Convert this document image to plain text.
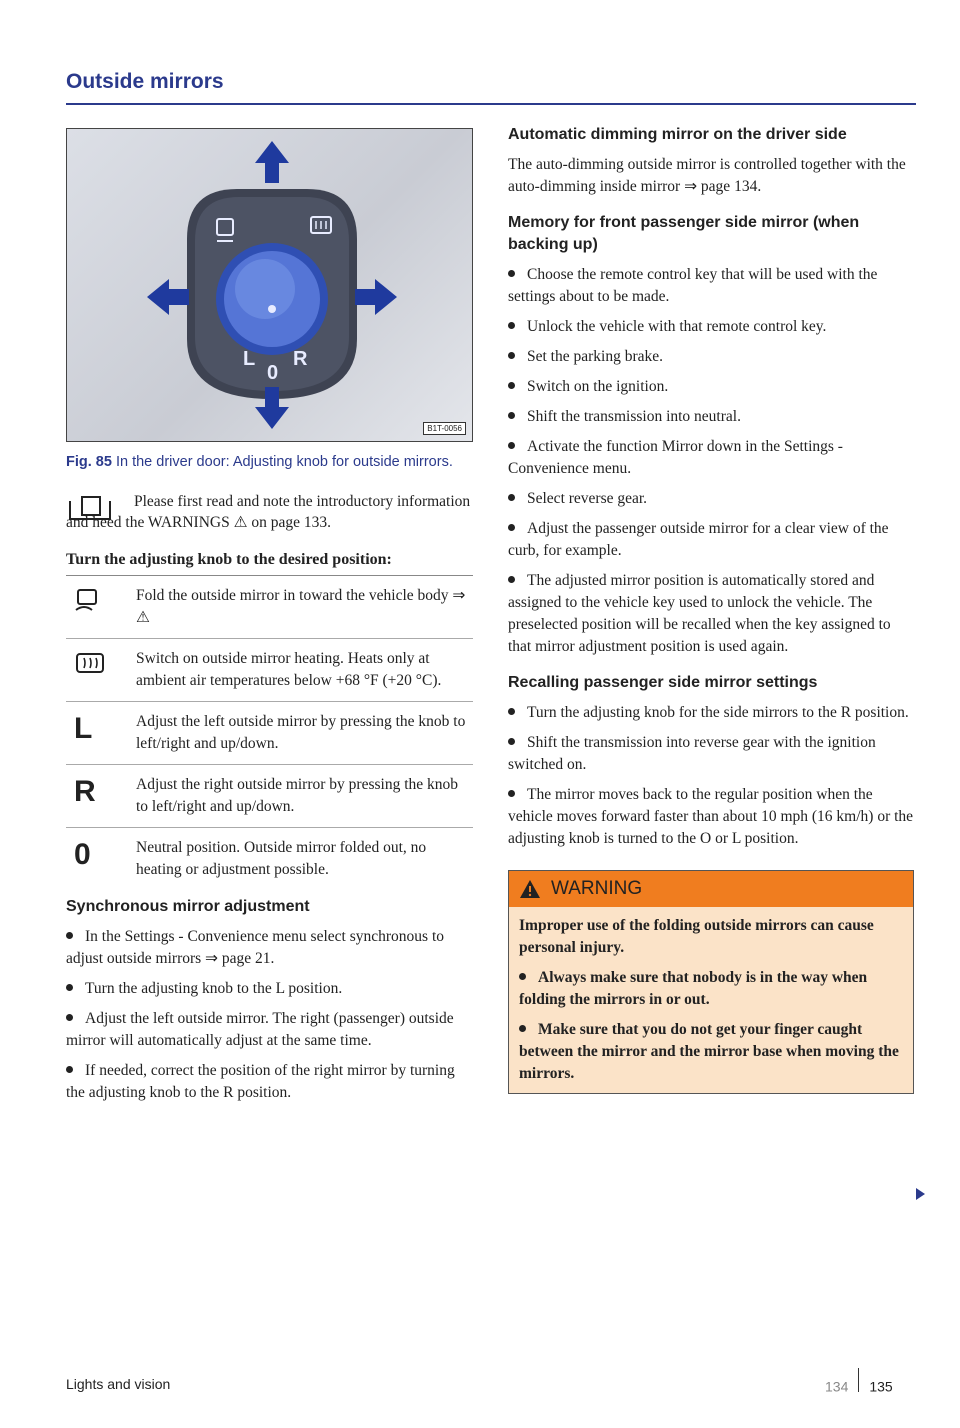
Outside mirrors
L
0
R
B1T-0056
Fig. 85 In the driver door: Adjusting knob for outside mirrors.

Please first read and note the introductory information and heed the WARNINGS ⚠ on page 133.

Turn the adjusting knob to the desired position:
Fold the outside mirror in toward the vehicle body ⇒ ⚠
Switch on outside mirror heating. Heats only at ambient air temperatures below +68 °F (+20 °C).
L	Adjust the left outside mirror by pressing the knob to left/right and up/down.
R	Adjust the right outside mirror by pressing the knob to left/right and up/down.
0	Neutral position. Outside mirror folded out, no heating or adjustment possible.
Synchronous mirror adjustment
In the Settings - Convenience menu select synchronous to adjust outside mirrors ⇒ page 21.
Turn the adjusting knob to the L position.
Adjust the left outside mirror. The right (passenger) outside mirror will automatically adjust at the same time.
If needed, correct the position of the right mirror by turning the adjusting knob to the R position.
Automatic dimming mirror on the driver side

The auto-dimming outside mirror is controlled together with the auto-dimming inside mirror ⇒ page 134.

Memory for front passenger side mirror (when backing up)
Choose the remote control key that will be used with the settings about to be made.
Unlock the vehicle with that remote control key.
Set the parking brake.
Switch on the ignition.
Shift the transmission into neutral.
Activate the function Mirror down in the Settings - Convenience menu.
Select reverse gear.
Adjust the passenger outside mirror for a clear view of the curb, for example.
The adjusted mirror position is automatically stored and assigned to the vehicle key used to unlock the vehicle. The preselected position will be recalled when the key assigned to that mirror adjustment position is used again.
Recalling passenger side mirror settings
Turn the adjusting knob for the side mirrors to the R position.
Shift the transmission into reverse gear with the ignition switched on.
The mirror moves back to the regular position when the vehicle moves forward faster than about 10 mph (16 km/h) or the adjusting knob is turned to the O or L position.
WARNING

Improper use of the folding outside mirrors can cause personal injury.

Always make sure that nobody is in the way when folding the mirrors in or out.
Make sure that you do not get your finger caught between the mirror and the mirror base when moving the mirrors.
Lights and vision	134 135
